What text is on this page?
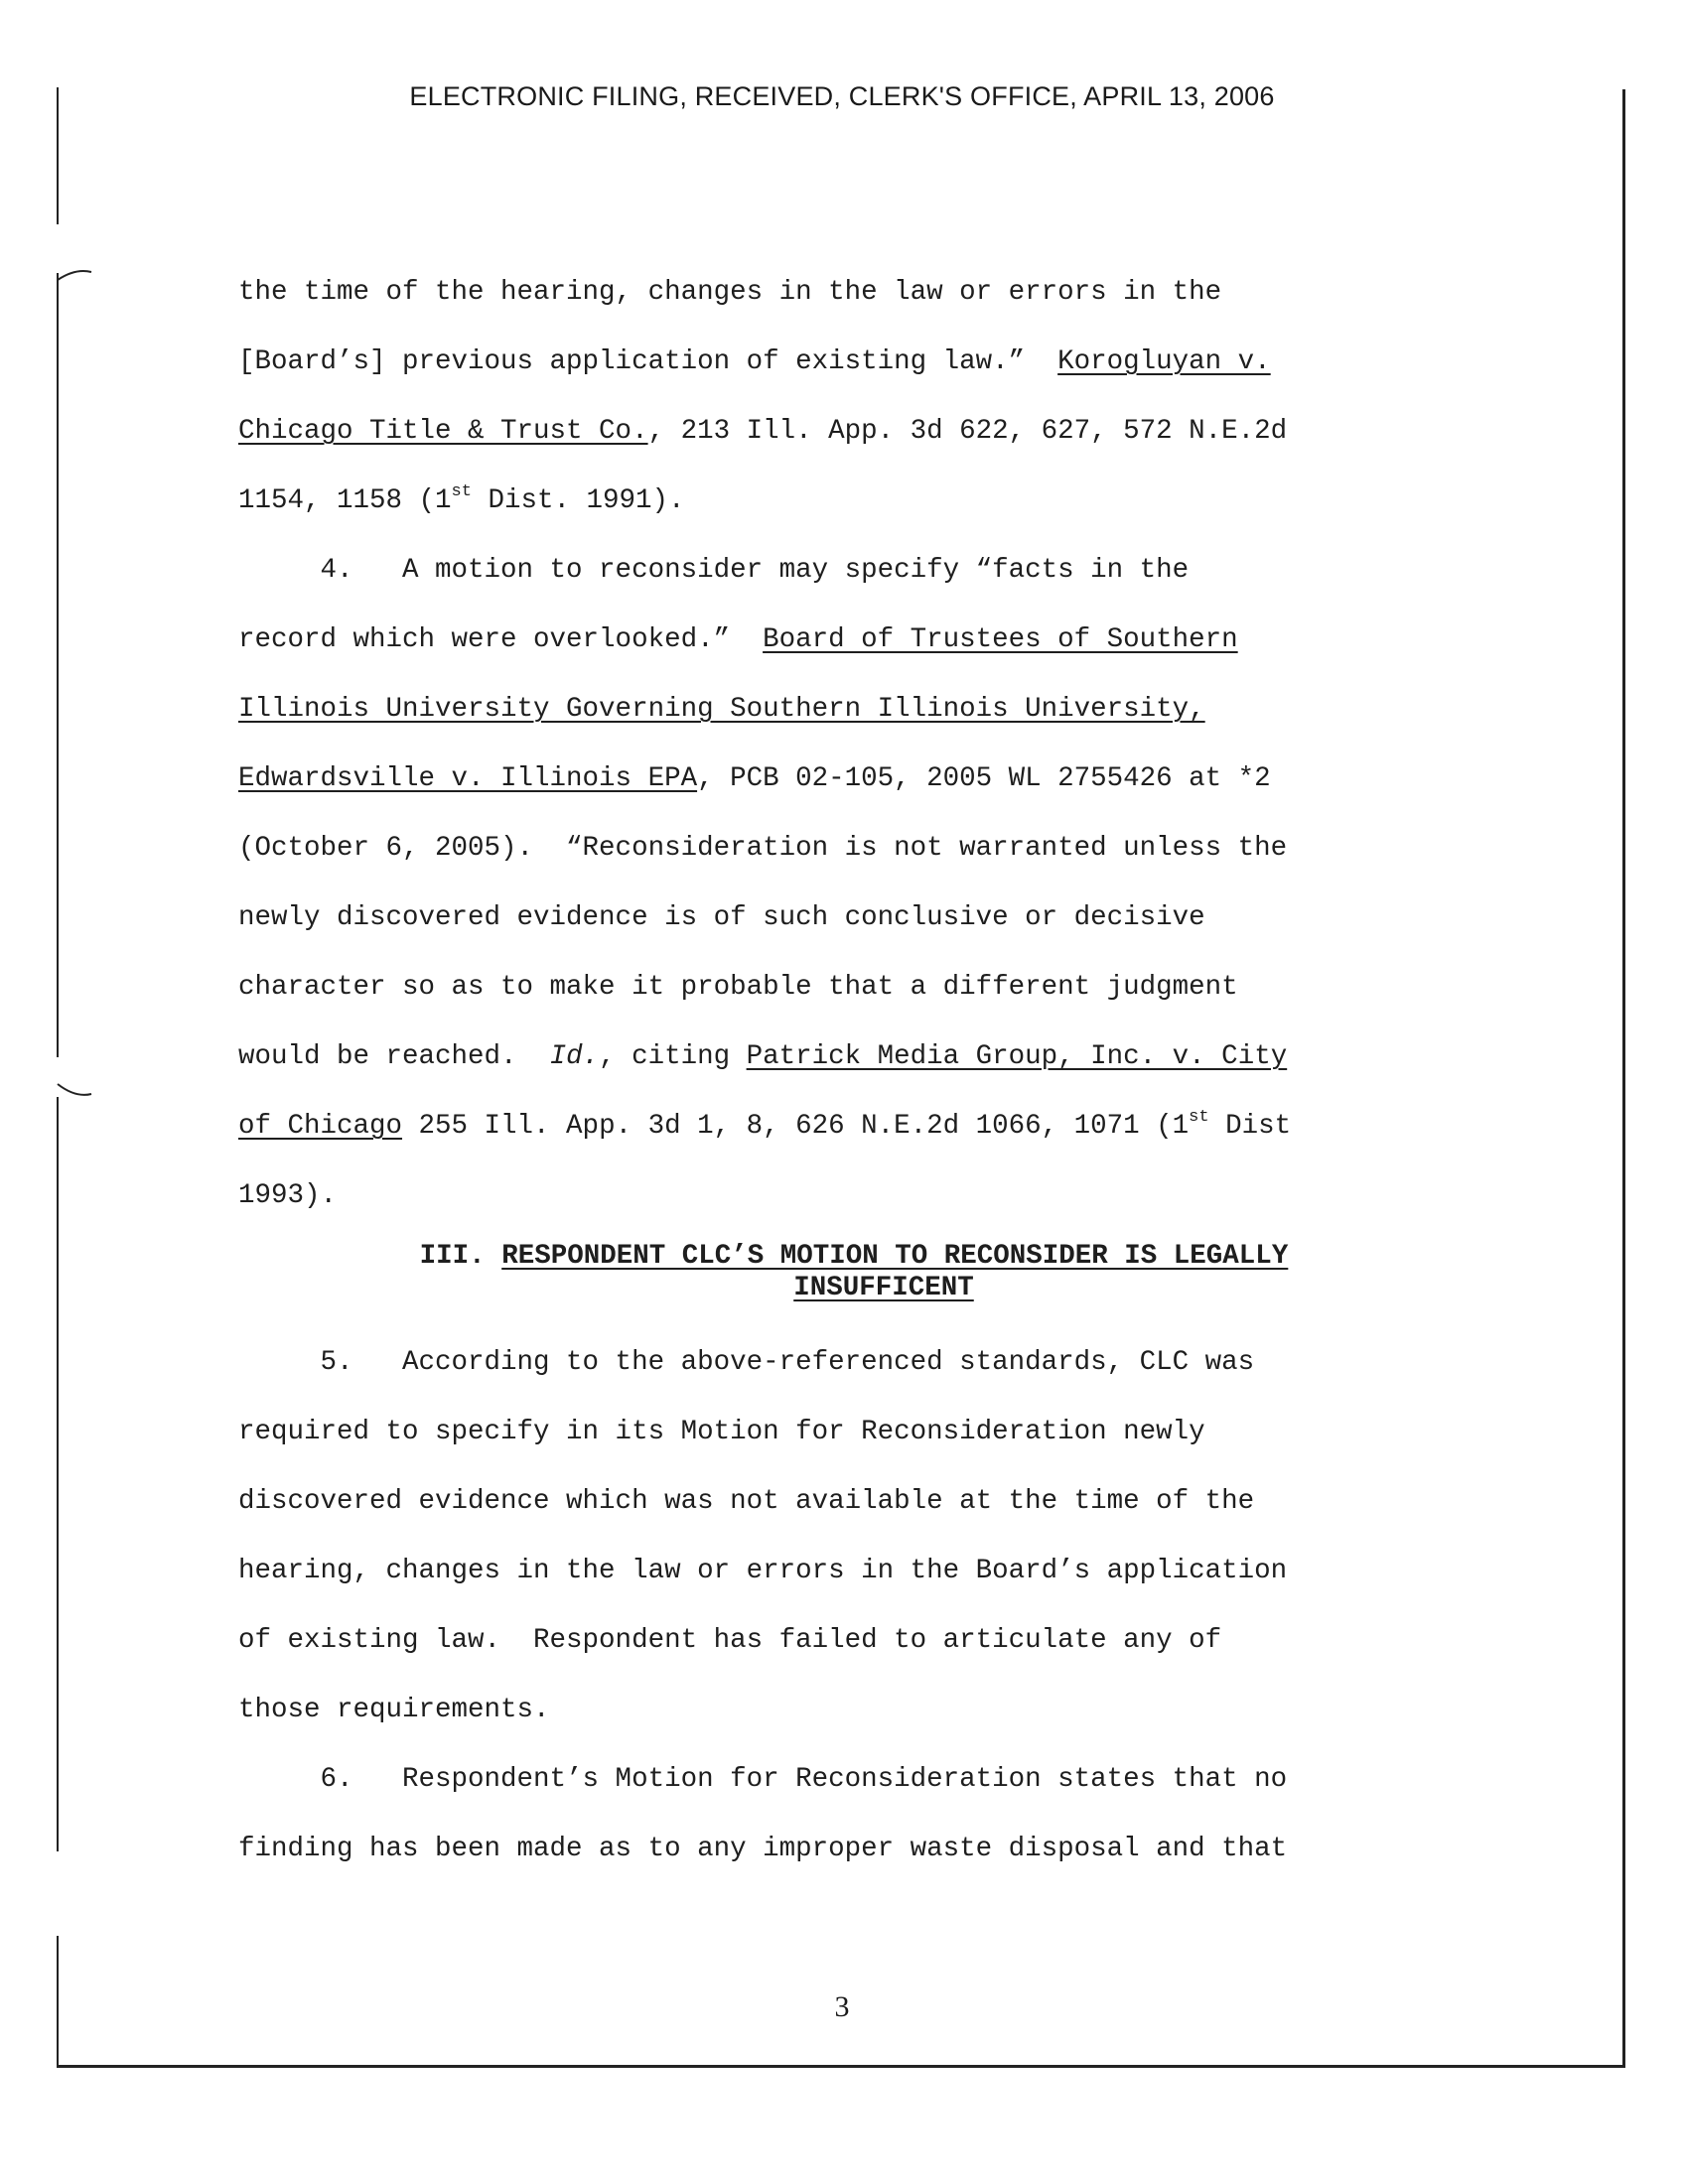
ELECTRONIC FILING, RECEIVED, CLERK'S OFFICE, APRIL 13, 2006
the time of the hearing, changes in the law or errors in the
[Board’s] previous application of existing law.”  Korogluyan v.
Chicago Title & Trust Co., 213 Ill. App. 3d 622, 627, 572 N.E.2d
1154, 1158 (1st Dist. 1991).
4.   A motion to reconsider may specify “facts in the
record which were overlooked.”  Board of Trustees of Southern
Illinois University Governing Southern Illinois University,
Edwardsville v. Illinois EPA, PCB 02-105, 2005 WL 2755426 at *2
(October 6, 2005).  “Reconsideration is not warranted unless the
newly discovered evidence is of such conclusive or decisive
character so as to make it probable that a different judgment
would be reached.  Id., citing Patrick Media Group, Inc. v. City
of Chicago 255 Ill. App. 3d 1, 8, 626 N.E.2d 1066, 1071 (1st Dist
1993).
III. RESPONDENT CLC’S MOTION TO RECONSIDER IS LEGALLY
INSUFFICENT
5.   According to the above-referenced standards, CLC was
required to specify in its Motion for Reconsideration newly
discovered evidence which was not available at the time of the
hearing, changes in the law or errors in the Board’s application
of existing law.  Respondent has failed to articulate any of
those requirements.
6.   Respondent’s Motion for Reconsideration states that no
finding has been made as to any improper waste disposal and that
3
